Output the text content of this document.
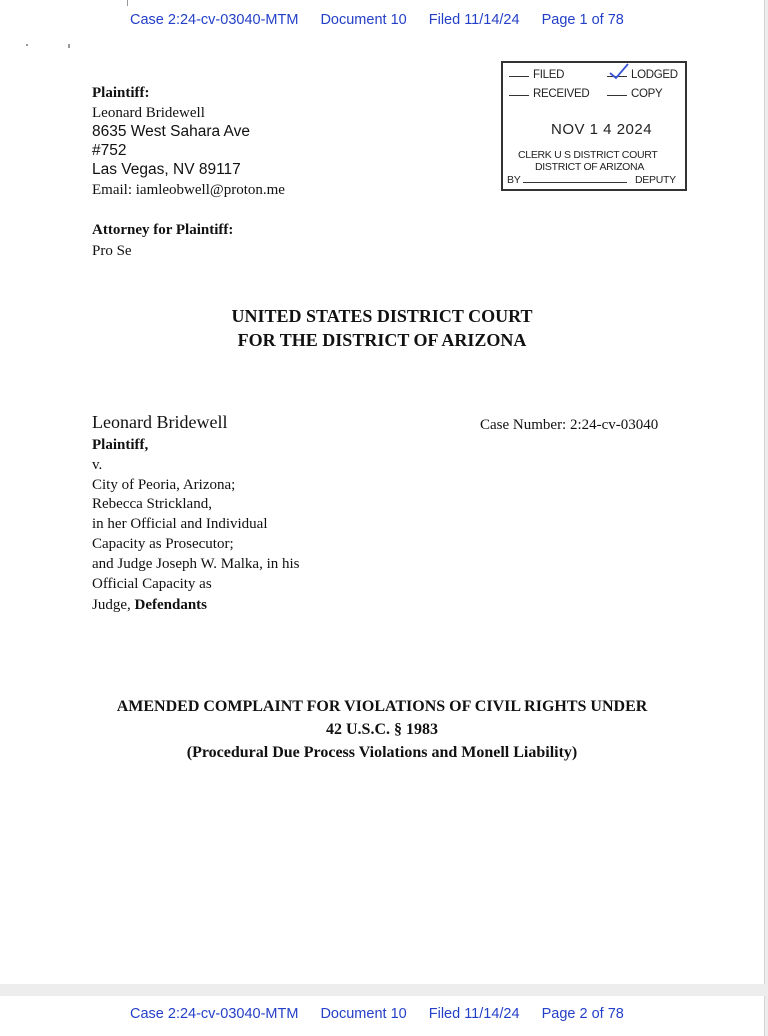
Case 2:24-cv-03040-MTM Document 10 Filed 11/14/24 Page 1 of 78
Plaintiff:
Leonard Bridewell
8635 West Sahara Ave
#752
Las Vegas, NV 89117
Email: iamleobwell@proton.me
Attorney for Plaintiff:
Pro Se
FILED	LODGED
RECEIVED	COPY
NOV 1 4 2024
CLERK U S DISTRICT COURT
DISTRICT OF ARIZONA
BY	DEPUTY
UNITED STATES DISTRICT COURT
FOR THE DISTRICT OF ARIZONA
Leonard Bridewell
Plaintiff,
v.
City of Peoria, Arizona;
Rebecca Strickland,
in her Official and Individual
Capacity as Prosecutor;
and Judge Joseph W. Malka, in his
Official Capacity as
Judge, Defendants
Case Number: 2:24-cv-03040
AMENDED COMPLAINT FOR VIOLATIONS OF CIVIL RIGHTS UNDER
42 U.S.C. § 1983
(Procedural Due Process Violations and Monell Liability)
Case 2:24-cv-03040-MTM Document 10 Filed 11/14/24 Page 2 of 78
